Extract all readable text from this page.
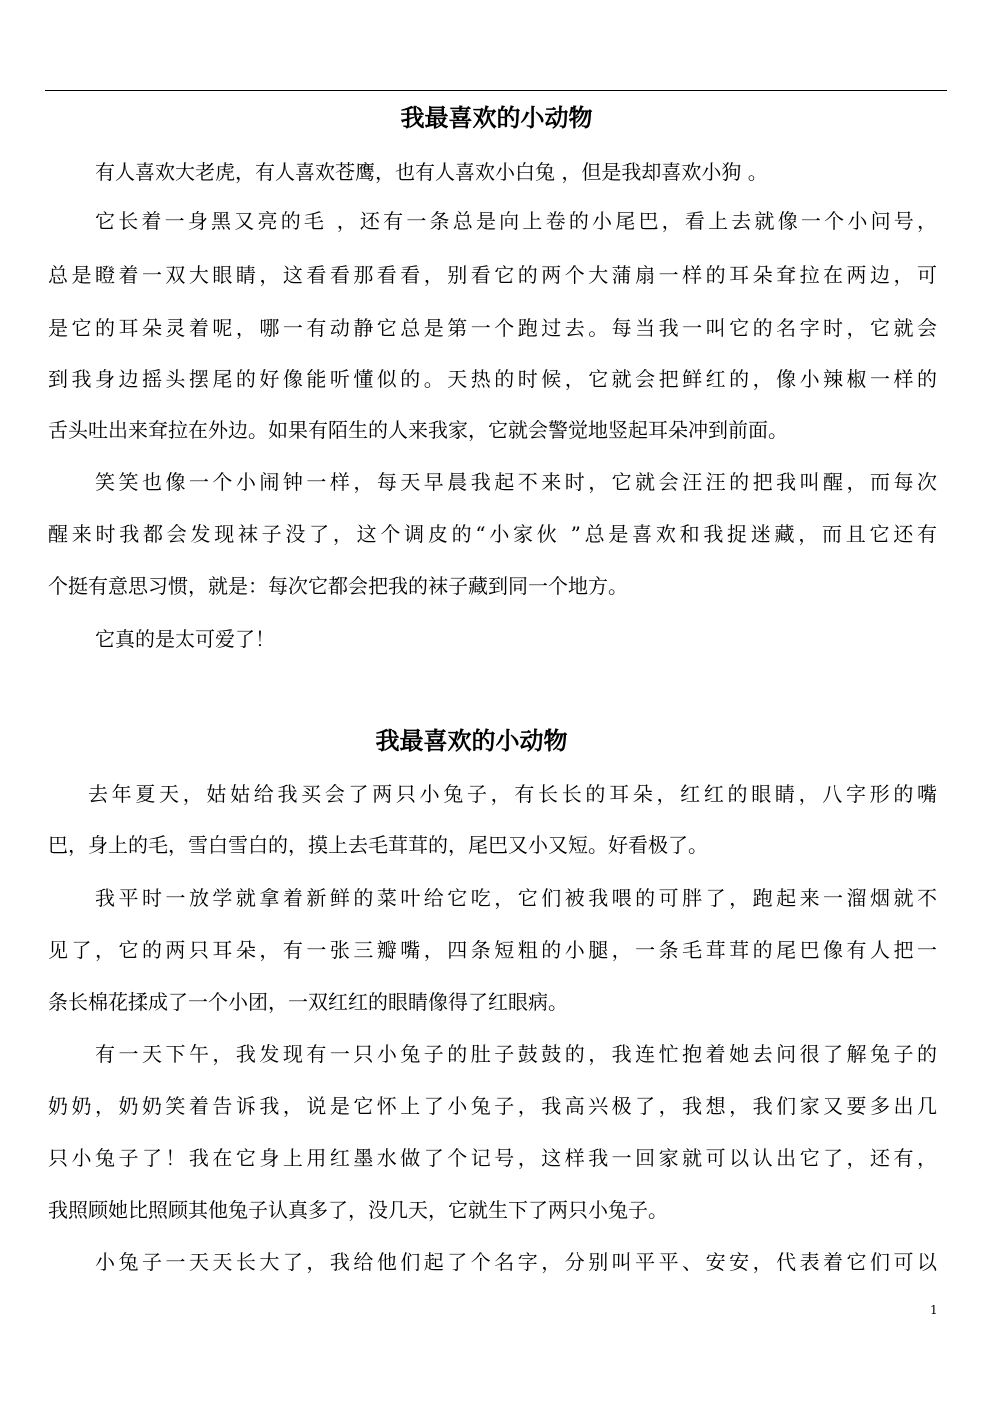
我最喜欢的小动物
有人喜欢大老虎，有人喜欢苍鹰，也有人喜欢小白兔 ，但是我却喜欢小狗 。
它长着一身黑又亮的毛 ，还有一条总是向上卷的小尾巴，看上去就像一个小问号，
总是瞪着一双大眼睛，这看看那看看，别看它的两个大蒲扇一样的耳朵耷拉在两边，可
是它的耳朵灵着呢，哪一有动静它总是第一个跑过去。每当我一叫它的名字时，它就会
到我身边摇头摆尾的好像能听懂似的。天热的时候，它就会把鲜红的，像小辣椒一样的
舌头吐出来耷拉在外边。如果有陌生的人来我家，它就会警觉地竖起耳朵冲到前面。
笑笑也像一个小闹钟一样，每天早晨我起不来时，它就会汪汪的把我叫醒，而每次
醒来时我都会发现袜子没了，这个调皮的“小家伙 ”总是喜欢和我捉迷藏，而且它还有
个挺有意思习惯，就是：每次它都会把我的袜子藏到同一个地方。
它真的是太可爱了！
我最喜欢的小动物
去年夏天，姑姑给我买会了两只小兔子，有长长的耳朵，红红的眼睛，八字形的嘴
巴，身上的毛，雪白雪白的，摸上去毛茸茸的，尾巴又小又短。好看极了。
我平时一放学就拿着新鲜的菜叶给它吃，它们被我喂的可胖了，跑起来一溜烟就不
见了，它的两只耳朵，有一张三瓣嘴，四条短粗的小腿，一条毛茸茸的尾巴像有人把一
条长棉花揉成了一个小团，一双红红的眼睛像得了红眼病。
有一天下午，我发现有一只小兔子的肚子鼓鼓的，我连忙抱着她去问很了解兔子的
奶奶，奶奶笑着告诉我，说是它怀上了小兔子，我高兴极了，我想，我们家又要多出几
只小兔子了！我在它身上用红墨水做了个记号，这样我一回家就可以认出它了，还有，
我照顾她比照顾其他兔子认真多了，没几天，它就生下了两只小兔子。
小兔子一天天长大了，我给他们起了个名字，分别叫平平、安安，代表着它们可以
1
